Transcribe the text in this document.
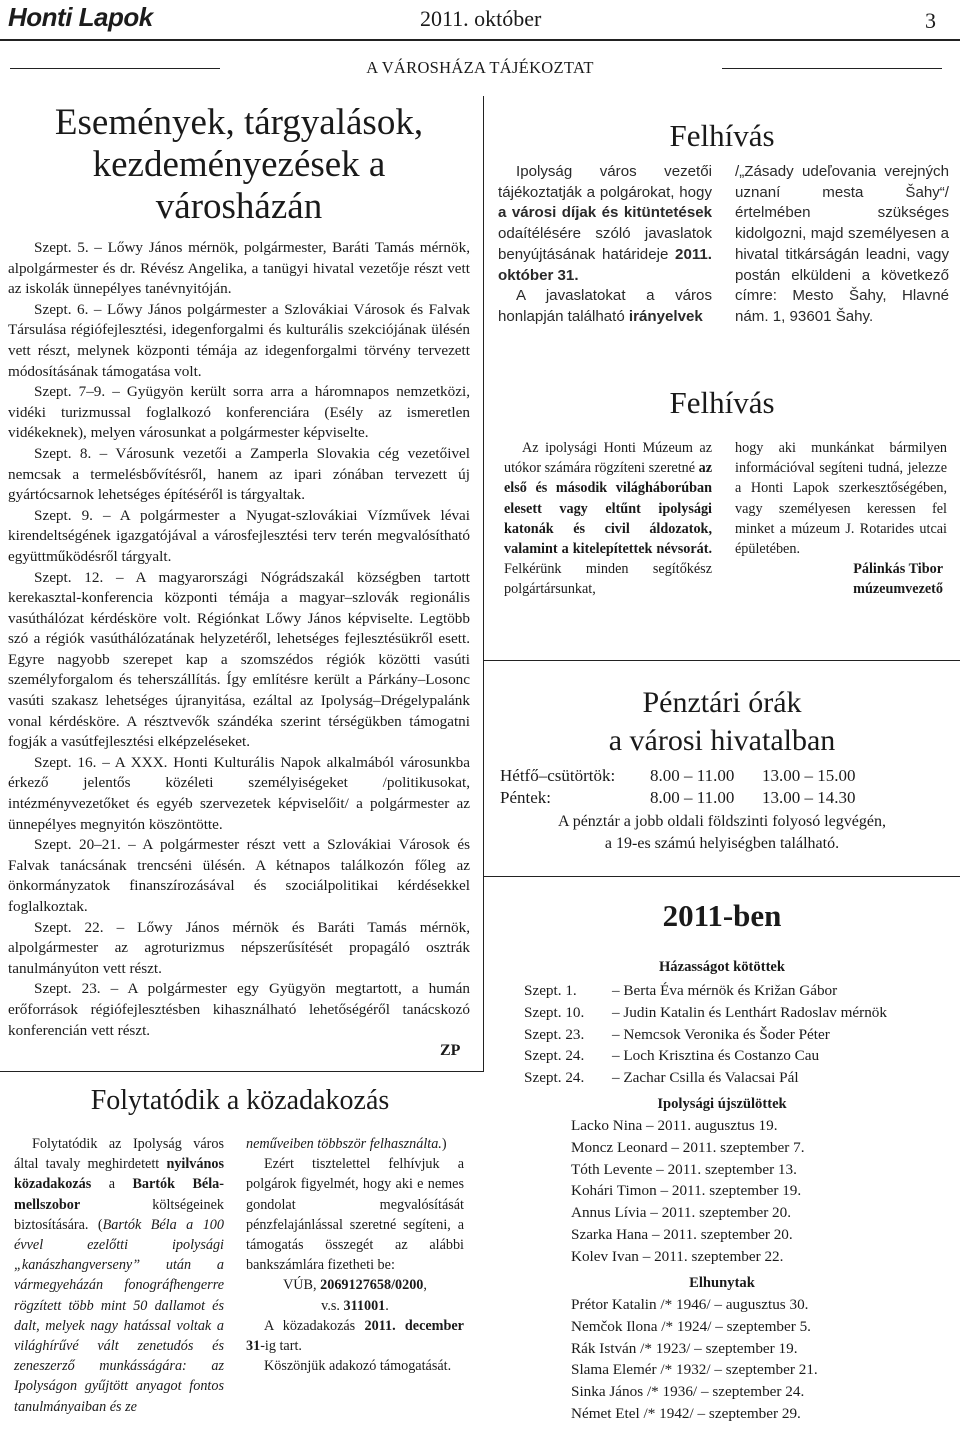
Honti Lapok	2011. október	3
A VÁROSHÁZA TÁJÉKOZTAT
Események, tárgyalások,
kezdeményezések a városházán

Szept. 5. – Lőwy János mérnök, polgármester, Baráti Tamás mérnök, alpolgármester és dr. Révész Angelika, a tanügyi hivatal vezetője részt vett az iskolák ünnepélyes tanévnyitóján.

Szept. 6. – Lőwy János polgármester a Szlovákiai Városok és Falvak Társulása régiófejlesztési, idegenforgalmi és kulturális szekciójának ülésén vett részt, melynek központi témája az idegenforgalmi törvény tervezett módosításának támogatása volt.

Szept. 7–9. – Gyügyön került sorra arra a háromnapos nemzetközi, vidéki turizmussal foglalkozó konferenciára (Esély az ismeretlen vidékeknek), melyen városunkat a polgármester képviselte.

Szept. 8. – Városunk vezetői a Zamperla Slovakia cég vezetőivel nemcsak a termelésbővítésről, hanem az ipari zónában tervezett új gyártócsarnok lehetséges építéséről is tárgyaltak.

Szept. 9. – A polgármester a Nyugat-szlovákiai Vízművek lévai kirendeltségének igazgatójával a városfejlesztési terv terén megvalósítható együttműködésről tárgyalt.

Szept. 12. – A magyarországi Nógrádszakál községben tartott kerekasztal-konferencia központi témája a magyar–szlovák regionális vasúthálózat kérdésköre volt. Régiónkat Lőwy János képviselte. Legtöbb szó a régiók vasúthálózatának helyzetéről, lehetséges fejlesztésükről esett. Egyre nagyobb szerepet kap a szomszédos régiók közötti vasúti személyforgalom és teherszállítás. Így említésre került a Párkány–Losonc vasúti szakasz lehetséges újranyitása, ezáltal az Ipolyság–Drégelypalánk vonal kérdésköre. A résztvevők szándéka szerint térségükben támogatni fogják a vasútfejlesztési elképzeléseket.

Szept. 16. – A XXX. Honti Kulturális Napok alkalmából városunkba érkező jelentős közéleti személyiségeket /politikusokat, intézményvezetőket és egyéb szervezetek képviselőit/ a polgármester az ünnepélyes megnyitón köszöntötte.

Szept. 20–21. – A polgármester részt vett a Szlovákiai Városok és Falvak tanácsának trencséni ülésén. A kétnapos találkozón főleg az önkormányzatok finanszírozásával és szociálpolitikai kérdésekkel foglalkoztak.

Szept. 22. – Lőwy János mérnök és Baráti Tamás mérnök, alpolgármester az agroturizmus népszerűsítését propagáló osztrák tanulmányúton vett részt.

Szept. 23. – A polgármester egy Gyügyön megtartott, a humán erőforrások régiófejlesztésben kihasználható lehetőségéről tanácskozó konferencián vett részt.

ZP
Folytatódik a közadakozás

Folytatódik az Ipolyság város által tavaly meghirdetett nyilvános közadakozás a Bartók Béla-mellszobor költségeinek biztosítására. (Bartók Béla a 100 évvel ezelőtti ipolysági „kanászhangverseny” után a vármegyeházán fonográfhengerre rögzített több mint 50 dallamot és dalt, melyek nagy hatással voltak a világhírűvé vált zenetudós és zeneszerző munkásságára: az Ipolyságon gyűjtött anyagot fontos tanulmányaiban és ze

neműveiben többször felhasználta.)

Ezért tisztelettel felhívjuk a polgárok figyelmét, hogy aki e nemes gondolat megvalósítását pénzfelajánlással szeretné segíteni, a támogatás összegét az alábbi bankszámlára fizetheti be:

VÚB, 2069127658/0200,

v.s. 311001.

A közadakozás 2011. december 31-ig tart.

Köszönjük adakozó támogatását.

Felhívás

Ipolyság város vezetői tájékoztatják a polgárokat, hogy a városi díjak és kitüntetések odaítélésére szóló javaslatok benyújtásának határideje 2011. október 31.

A javaslatokat a város honlapján található irányelvek

/„Zásady udeľovania verejných uznaní mesta Šahy“/ értelmében szükséges kidolgozni, majd személyesen a hivatal titkárságán leadni, vagy postán elküldeni a következő címre: Mesto Šahy, Hlavné nám. 1, 93601 Šahy.

Felhívás

Az ipolysági Honti Múzeum az utókor számára rögzíteni szeretné az első és második világháborúban elesett vagy eltűnt ipolysági katonák és civil áldozatok, valamint a kitelepítettek névsorát. Felkérünk minden segítőkész polgártársunkat,

hogy aki munkánkat bármilyen információval segíteni tudná, jelezze a Honti Lapok szerkesztőségében, vagy személyesen keressen fel minket a múzeum J. Rotarides utcai épületében.

Pálinkás Tibor

múzeumvezető

Pénztári órák
a városi hivatalban
Hétfő–csütörtök:	8.00 – 11.00	13.00 – 15.00
Péntek:	8.00 – 11.00	13.00 – 14.30
A pénztár a jobb oldali földszinti folyosó legvégén,
a 19-es számú helyiségben található.
2011-ben
Házasságot kötöttek
Szept. 1. – Berta Éva mérnök és Križan Gábor
Szept. 10. – Judin Katalin és Lenthárt Radoslav mérnök
Szept. 23. – Nemcsok Veronika és Šoder Péter
Szept. 24. – Loch Krisztina és Costanzo Cau
Szept. 24. – Zachar Csilla és Valacsai Pál
Ipolysági újszülöttek
Lacko Nina – 2011. augusztus 19.
Moncz Leonard – 2011. szeptember 7.
Tóth Levente – 2011. szeptember 13.
Kohári Timon – 2011. szeptember 19.
Annus Lívia – 2011. szeptember 20.
Szarka Hana – 2011. szeptember 20.
Kolev Ivan – 2011. szeptember 22.
Elhunytak
Prétor Katalin /* 1946/ – augusztus 30.
Nemčok Ilona /* 1924/ – szeptember 5.
Rák István /* 1923/ – szeptember 19.
Slama Elemér /* 1932/ – szeptember 21.
Sinka János /* 1936/ – szeptember 24.
Német Etel /* 1942/ – szeptember 29.
